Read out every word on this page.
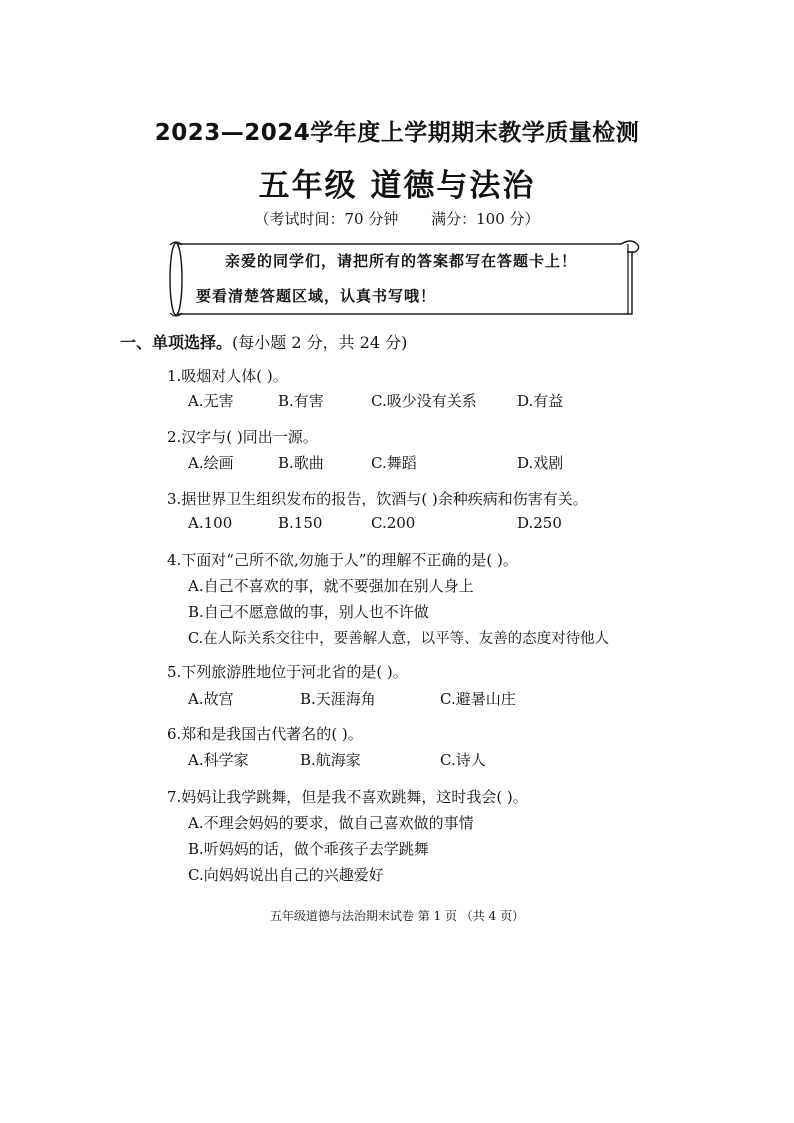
2023—2024学年度上学期期末教学质量检测
五年级 道德与法治
（考试时间：70 分钟 满分：100 分）
亲爱的同学们，请把所有的答案都写在答题卡上！
要看清楚答题区域，认真书写哦！
一、单项选择。(每小题 2 分，共 24 分)
1.吸烟对人体( )。
A.无害	B.有害	C.吸少没有关系	D.有益
2.汉字与( )同出一源。
A.绘画	B.歌曲	C.舞蹈	D.戏剧
3.据世界卫生组织发布的报告，饮酒与( )余种疾病和伤害有关。
A.100	B.150	C.200	D.250
4.下面对“己所不欲,勿施于人”的理解不正确的是( )。
A.自己不喜欢的事，就不要强加在别人身上
B.自己不愿意做的事，别人也不许做
C.在人际关系交往中，要善解人意，以平等、友善的态度对待他人
5.下列旅游胜地位于河北省的是( )。
A.故宫	B.天涯海角	C.避暑山庄
6.郑和是我国古代著名的( )。
A.科学家	B.航海家	C.诗人
7.妈妈让我学跳舞，但是我不喜欢跳舞，这时我会( )。
A.不理会妈妈的要求，做自己喜欢做的事情
B.听妈妈的话，做个乖孩子去学跳舞
C.向妈妈说出自己的兴趣爱好
五年级道德与法治期末试卷 第 1 页 （共 4 页）
